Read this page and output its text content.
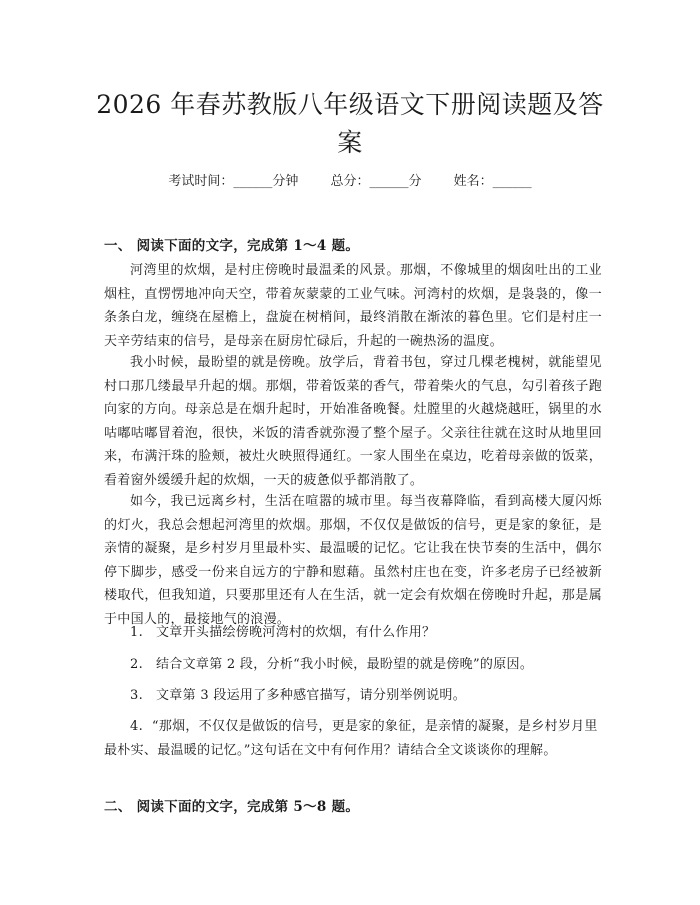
2026 年春苏教版八年级语文下册阅读题及答案
考试时间：______分钟 总分：______分 姓名：______
一、 阅读下面的文字，完成第 1～4 题。

河湾里的炊烟，是村庄傍晚时最温柔的风景。那烟，不像城里的烟囱吐出的工业烟柱，直愣愣地冲向天空，带着灰蒙蒙的工业气味。河湾村的炊烟，是袅袅的，像一条条白龙，缠绕在屋檐上，盘旋在树梢间，最终消散在渐浓的暮色里。它们是村庄一天辛劳结束的信号，是母亲在厨房忙碌后，升起的一碗热汤的温度。

我小时候，最盼望的就是傍晚。放学后，背着书包，穿过几棵老槐树，就能望见村口那几缕最早升起的烟。那烟，带着饭菜的香气，带着柴火的气息，勾引着孩子跑向家的方向。母亲总是在烟升起时，开始准备晚餐。灶膛里的火越烧越旺，锅里的水咕嘟咕嘟冒着泡，很快，米饭的清香就弥漫了整个屋子。父亲往往就在这时从地里回来，布满汗珠的脸颊，被灶火映照得通红。一家人围坐在桌边，吃着母亲做的饭菜，看着窗外缓缓升起的炊烟，一天的疲惫似乎都消散了。

如今，我已远离乡村，生活在喧嚣的城市里。每当夜幕降临，看到高楼大厦闪烁的灯火，我总会想起河湾里的炊烟。那烟，不仅仅是做饭的信号，更是家的象征，是亲情的凝聚，是乡村岁月里最朴实、最温暖的记忆。它让我在快节奏的生活中，偶尔停下脚步，感受一份来自远方的宁静和慰藉。虽然村庄也在变，许多老房子已经被新楼取代，但我知道，只要那里还有人在生活，就一定会有炊烟在傍晚时升起，那是属于中国人的，最接地气的浪漫。

1. 文章开头描绘傍晚河湾村的炊烟，有什么作用？
2. 结合文章第 2 段，分析“我小时候，最盼望的就是傍晚”的原因。
3. 文章第 3 段运用了多种感官描写，请分别举例说明。
4. “那烟，不仅仅是做饭的信号，更是家的象征，是亲情的凝聚，是乡村岁月里最朴实、最温暖的记忆。”这句话在文中有何作用？请结合全文谈谈你的理解。
二、 阅读下面的文字，完成第 5～8 题。
